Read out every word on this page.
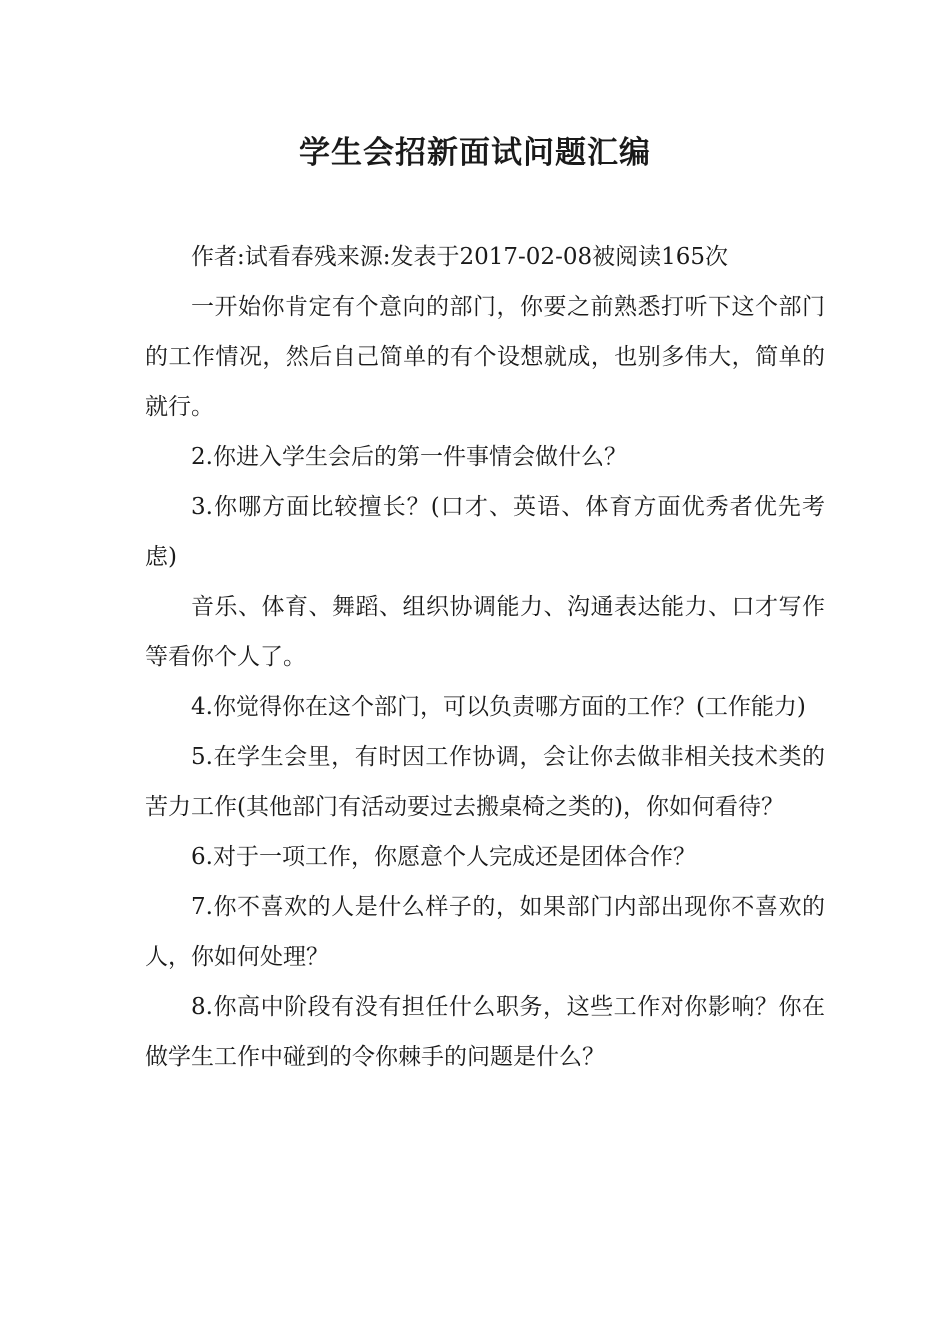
学生会招新面试问题汇编

作者:试看春残来源:发表于2017-02-08被阅读165次

一开始你肯定有个意向的部门，你要之前熟悉打听下这个部门的工作情况，然后自己简单的有个设想就成，也别多伟大，简单的就行。

2.你进入学生会后的第一件事情会做什么？

3.你哪方面比较擅长？(口才、英语、体育方面优秀者优先考虑)

音乐、体育、舞蹈、组织协调能力、沟通表达能力、口才写作等看你个人了。

4.你觉得你在这个部门，可以负责哪方面的工作？(工作能力)

5.在学生会里，有时因工作协调，会让你去做非相关技术类的苦力工作(其他部门有活动要过去搬桌椅之类的)，你如何看待？

6.对于一项工作，你愿意个人完成还是团体合作？

7.你不喜欢的人是什么样子的，如果部门内部出现你不喜欢的人，你如何处理？

8.你高中阶段有没有担任什么职务，这些工作对你影响？你在做学生工作中碰到的令你棘手的问题是什么？
